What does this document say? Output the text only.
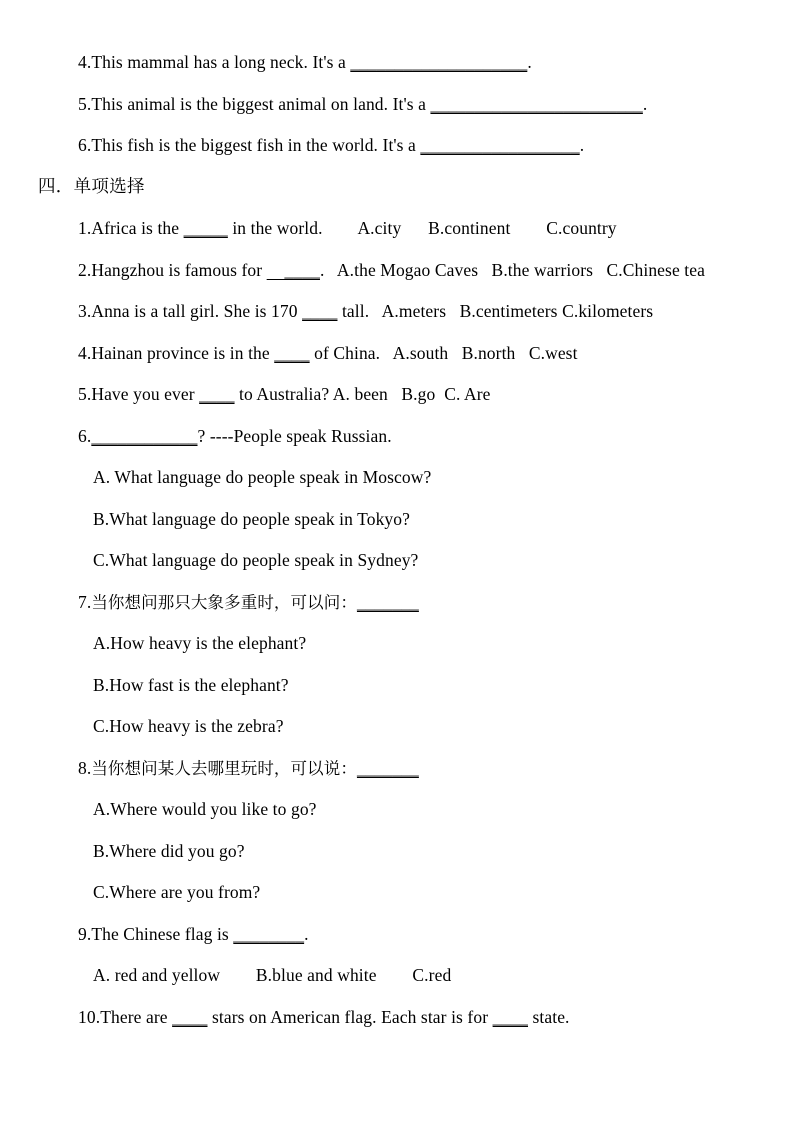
4.This mammal has a long neck. It's a ____________________.
5.This animal is the biggest animal on land. It's a ________________________.
6.This fish is the biggest fish in the world. It's a __________________.
四．单项选择
1.Africa is the _____ in the world. A.city B.continent C.country
2.Hangzhou is famous for     ____. A.the Mogao Caves B.the warriors C.Chinese tea
3.Anna is a tall girl. She is 170 ____ tall. A.meters B.centimeters C.kilometers
4.Hainan province is in the ____ of China. A.south B.north C.west
5.Have you ever ____ to Australia? A. been B.go C. Are
6.____________? ----People speak Russian.
A. What language do people speak in Moscow?
B.What language do people speak in Tokyo?
C.What language do people speak in Sydney?
7.当你想问那只大象多重时，可以问：_______
A.How heavy is the elephant?
B.How fast is the elephant?
C.How heavy is the zebra?
8.当你想问某人去哪里玩时，可以说：_______
A.Where would you like to go?
B.Where did you go?
C.Where are you from?
9.The Chinese flag is ________.
A. red and yellow B.blue and white C.red
10.There are ____ stars on American flag. Each star is for ____ state.
